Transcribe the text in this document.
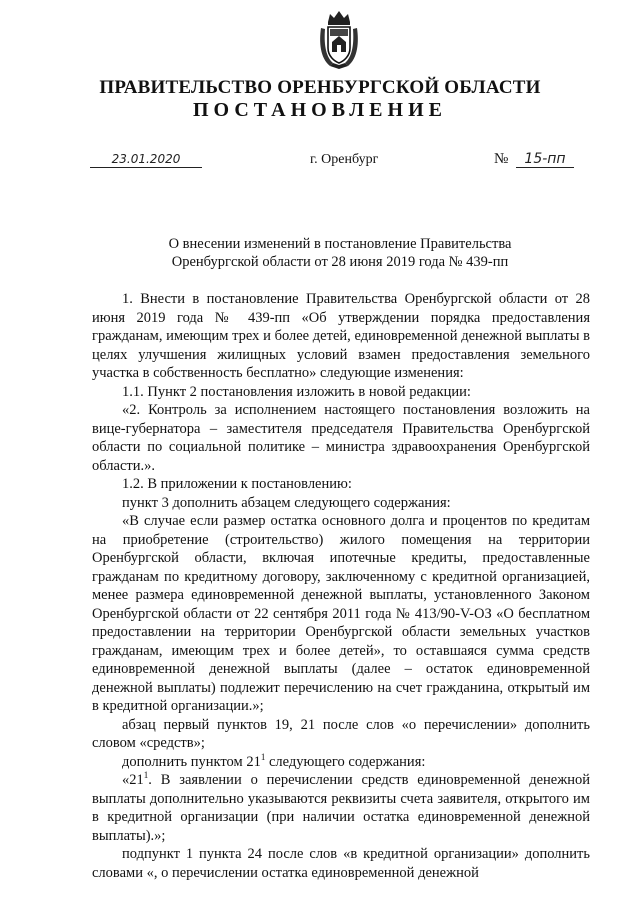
ПРАВИТЕЛЬСТВО ОРЕНБУРГСКОЙ ОБЛАСТИ
ПОСТАНОВЛЕНИЕ
23.01.2020	г. Оренбург	№	15-пп
О внесении изменений в постановление Правительства
Оренбургской области от 28 июня 2019 года № 439-пп

1. Внести в постановление Правительства Оренбургской области от 28 июня 2019 года № 439-пп «Об утверждении порядка предоставления гражданам, имеющим трех и более детей, единовременной денежной выплаты в целях улучшения жилищных условий взамен предоставления земельного участка в собственность бесплатно» следующие изменения:

1.1. Пункт 2 постановления изложить в новой редакции:

«2. Контроль за исполнением настоящего постановления возложить на вице-губернатора – заместителя председателя Правительства Оренбургской области по социальной политике – министра здравоохранения Оренбургской области.».

1.2. В приложении к постановлению:

пункт 3 дополнить абзацем следующего содержания:

«В случае если размер остатка основного долга и процентов по кредитам на приобретение (строительство) жилого помещения на территории Оренбургской области, включая ипотечные кредиты, предоставленные гражданам по кредитному договору, заключенному с кредитной организацией, менее размера единовременной денежной выплаты, установленного Законом Оренбургской области от 22 сентября 2011 года № 413/90-V-ОЗ «О бесплатном предоставлении на территории Оренбургской области земельных участков гражданам, имеющим трех и более детей», то оставшаяся сумма средств единовременной денежной выплаты (далее – остаток единовременной денежной выплаты) подлежит перечислению на счет гражданина, открытый им в кредитной организации.»;

абзац первый пунктов 19, 21 после слов «о перечислении» дополнить словом «средств»;

дополнить пунктом $21^1$ следующего содержания:

«$21^1$. В заявлении о перечислении средств единовременной денежной выплаты дополнительно указываются реквизиты счета заявителя, открытого им в кредитной организации (при наличии остатка единовременной денежной выплаты).»;

подпункт 1 пункта 24 после слов «в кредитной организации» дополнить словами «, о перечислении остатка единовременной денежной
